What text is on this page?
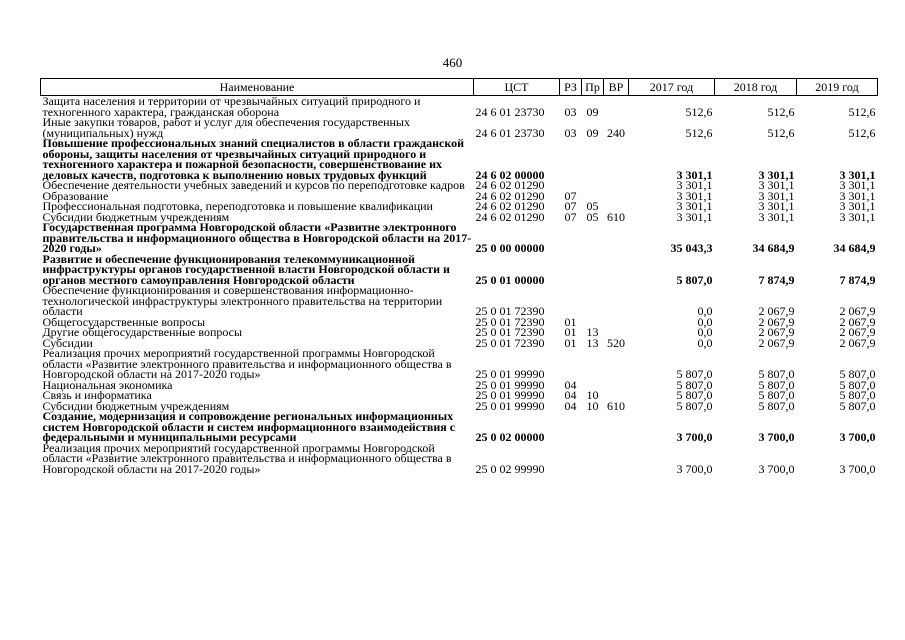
460
Наименование	ЦСТ	РЗ	Пр	ВР	2017 год	2018 год	2019 год
Защита населения и территории от чрезвычайных ситуаций природного и техногенного характера, гражданская оборона	24 6 01 23730	03	09		512,6	512,6	512,6
Иные закупки товаров, работ и услуг для обеспечения государственных (муниципальных) нужд	24 6 01 23730	03	09	240	512,6	512,6	512,6
Повышение профессиональных знаний специалистов в области гражданской обороны, защиты населения от чрезвычайных ситуаций природного и техногенного характера и пожарной безопасности, совершенствование их деловых качеств, подготовка к выполнению новых трудовых функций	24 6 02 00000				3 301,1	3 301,1	3 301,1
Обеспечение деятельности учебных заведений и курсов по переподготовке кадров	24 6 02 01290				3 301,1	3 301,1	3 301,1
Образование	24 6 02 01290	07			3 301,1	3 301,1	3 301,1
Профессиональная подготовка, переподготовка и повышение квалификации	24 6 02 01290	07	05		3 301,1	3 301,1	3 301,1
Субсидии бюджетным учреждениям	24 6 02 01290	07	05	610	3 301,1	3 301,1	3 301,1
Государственная программа Новгородской области «Развитие электронного правительства и информационного общества в Новгородской области на 2017-2020 годы»	25 0 00 00000				35 043,3	34 684,9	34 684,9
Развитие и обеспечение функционирования телекоммуникационной инфраструктуры органов государственной власти Новгородской области и органов местного самоуправления Новгородской области	25 0 01 00000				5 807,0	7 874,9	7 874,9
Обеспечение функционирования и совершенствования информационно-технологической инфраструктуры электронного правительства на территории области	25 0 01 72390				0,0	2 067,9	2 067,9
Общегосударственные вопросы	25 0 01 72390	01			0,0	2 067,9	2 067,9
Другие общегосударственные вопросы	25 0 01 72390	01	13		0,0	2 067,9	2 067,9
Субсидии	25 0 01 72390	01	13	520	0,0	2 067,9	2 067,9
Реализация прочих мероприятий государственной программы Новгородской области «Развитие электронного правительства и информационного общества в Новгородской области на 2017-2020 годы»	25 0 01 99990				5 807,0	5 807,0	5 807,0
Национальная экономика	25 0 01 99990	04			5 807,0	5 807,0	5 807,0
Связь и информатика	25 0 01 99990	04	10		5 807,0	5 807,0	5 807,0
Субсидии бюджетным учреждениям	25 0 01 99990	04	10	610	5 807,0	5 807,0	5 807,0
Создание, модернизация и сопровождение региональных информационных систем Новгородской области и систем информационного взаимодействия с федеральными и муниципальными ресурсами	25 0 02 00000				3 700,0	3 700,0	3 700,0
Реализация прочих мероприятий государственной программы Новгородской области «Развитие электронного правительства и информационного общества в Новгородской области на 2017-2020 годы»	25 0 02 99990				3 700,0	3 700,0	3 700,0
